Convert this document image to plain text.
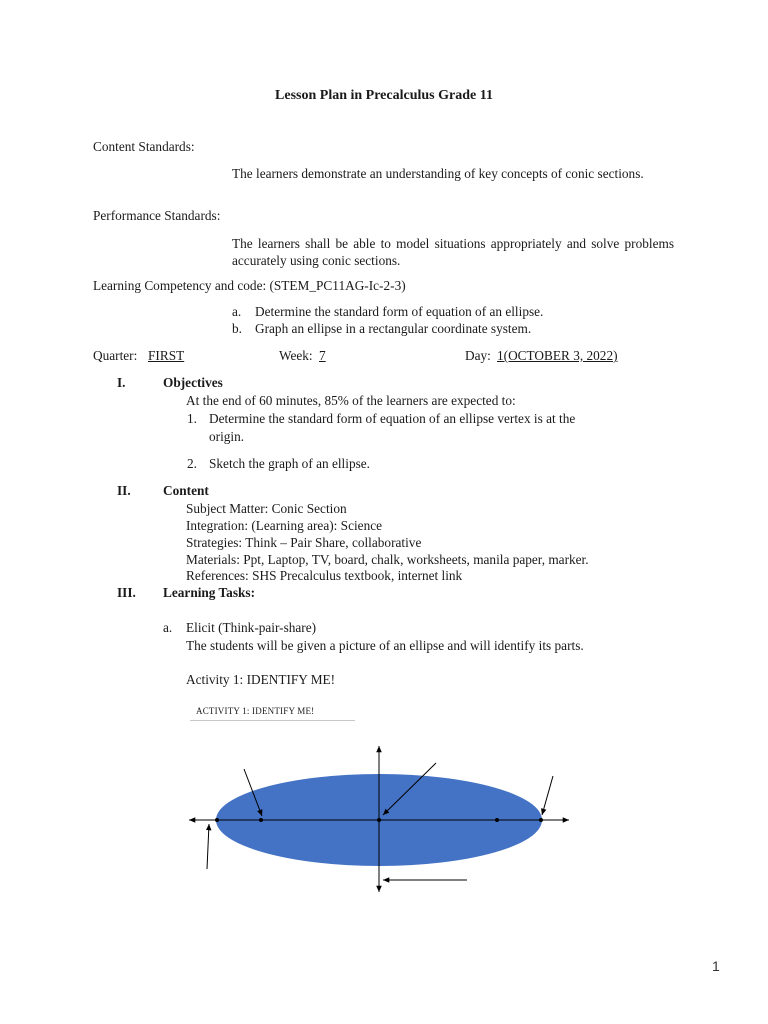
Lesson Plan in Precalculus Grade 11
Content Standards:
The learners demonstrate an understanding of key concepts of conic sections.
Performance Standards:
The learners shall be able to model situations appropriately and solve problems accurately using conic sections.
Learning Competency and code: (STEM_PC11AG-Ic-2-3)
a. Determine the standard form of equation of an ellipse.
b. Graph an ellipse in a rectangular coordinate system.
Quarter: FIRST	Week: 7	Day: 1(OCTOBER 3, 2022)
I.	Objectives
At the end of 60 minutes, 85% of the learners are expected to:
1. Determine the standard form of equation of an ellipse vertex is at the
origin.
2. Sketch the graph of an ellipse.
II. Content
Subject Matter: Conic Section
Integration: (Learning area): Science
Strategies: Think – Pair Share, collaborative
Materials: Ppt, Laptop, TV, board, chalk, worksheets, manila paper, marker.
References: SHS Precalculus textbook, internet link
III. Learning Tasks:
a. Elicit (Think-pair-share)
The students will be given a picture of an ellipse and will identify its parts.
Activity 1: IDENTIFY ME!
ACTIVITY 1: IDENTIFY ME!
1
